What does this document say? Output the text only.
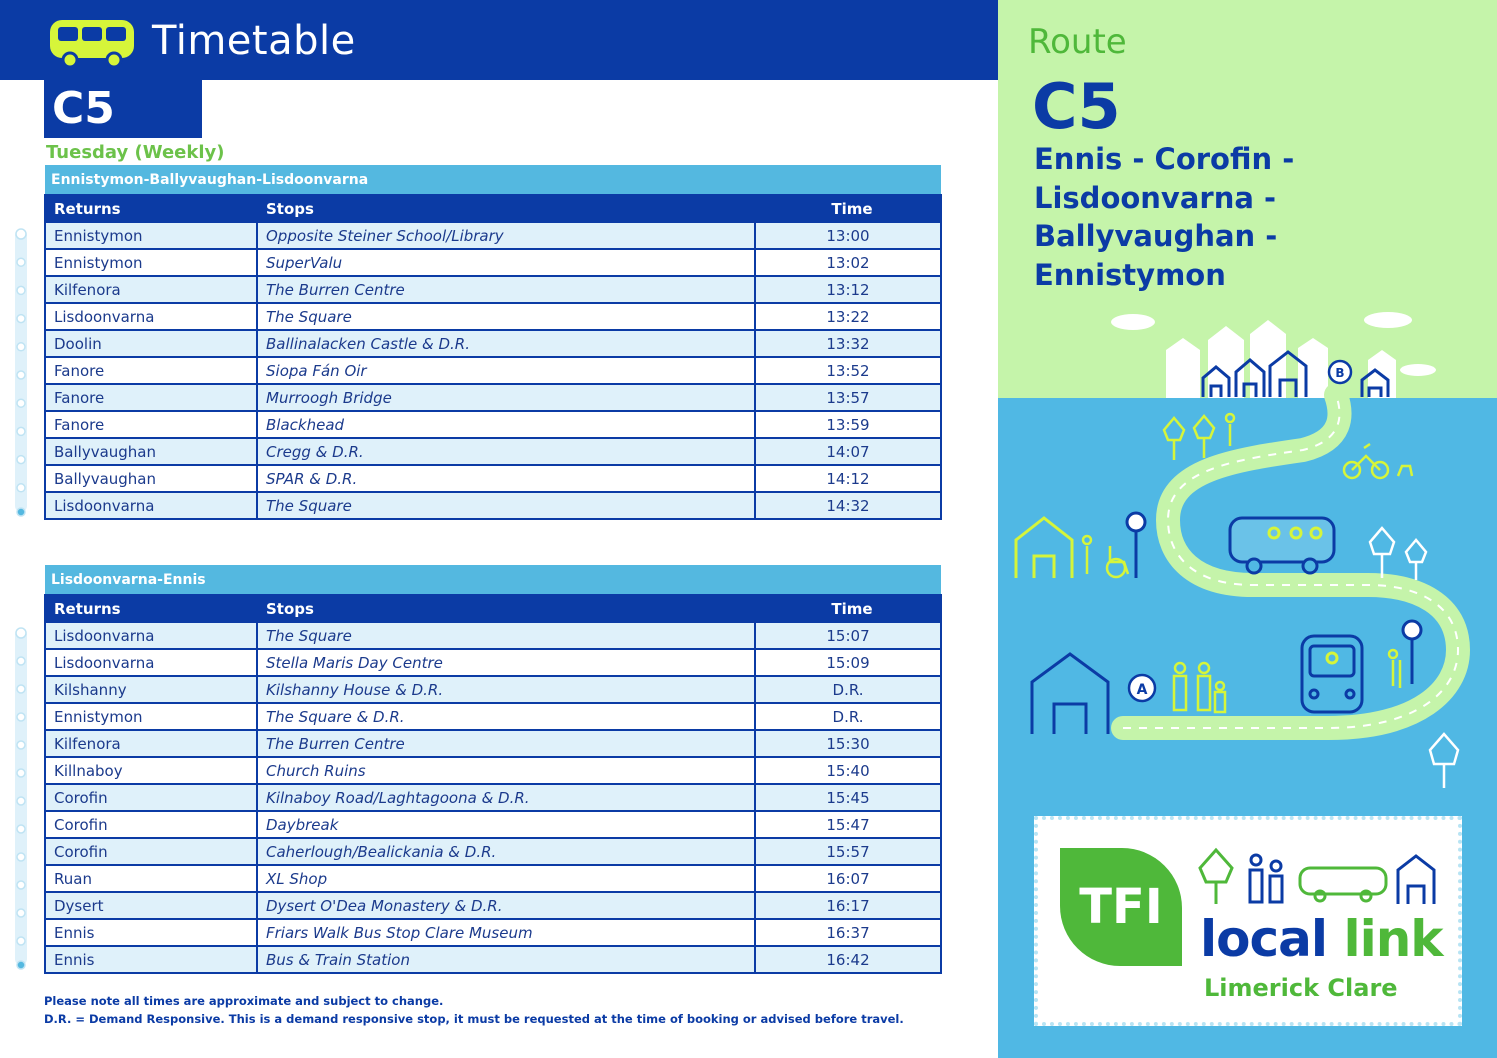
Timetable
C5
Tuesday (Weekly)
Ennistymon-Ballyvaughan-Lisdoonvarna		
Returns	Stops	Time
Ennistymon	Opposite Steiner School/Library	13:00
Ennistymon	SuperValu	13:02
Kilfenora	The Burren Centre	13:12
Lisdoonvarna	The Square	13:22
Doolin	Ballinalacken Castle & D.R.	13:32
Fanore	Siopa Fán Oir	13:52
Fanore	Murroogh Bridge	13:57
Fanore	Blackhead	13:59
Ballyvaughan	Cregg & D.R.	14:07
Ballyvaughan	SPAR & D.R.	14:12
Lisdoonvarna	The Square	14:32
Lisdoonvarna-Ennis		
Returns	Stops	Time
Lisdoonvarna	The Square	15:07
Lisdoonvarna	Stella Maris Day Centre	15:09
Kilshanny	Kilshanny House & D.R.	D.R.
Ennistymon	The Square & D.R.	D.R.
Kilfenora	The Burren Centre	15:30
Killnaboy	Church Ruins	15:40
Corofin	Kilnaboy Road/Laghtagoona & D.R.	15:45
Corofin	Daybreak	15:47
Corofin	Caherlough/Bealickania & D.R.	15:57
Ruan	XL Shop	16:07
Dysert	Dysert O'Dea Monastery & D.R.	16:17
Ennis	Friars Walk Bus Stop Clare Museum	16:37
Ennis	Bus & Train Station	16:42
Please note all times are approximate and subject to change.
D.R. = Demand Responsive. This is a demand responsive stop, it must be requested at the time of booking or advised before travel.
Route
C5
Ennis - Corofin -
Lisdoonvarna -
Ballyvaughan -
Ennistymon
B
A
TFI
local link
Limerick Clare
